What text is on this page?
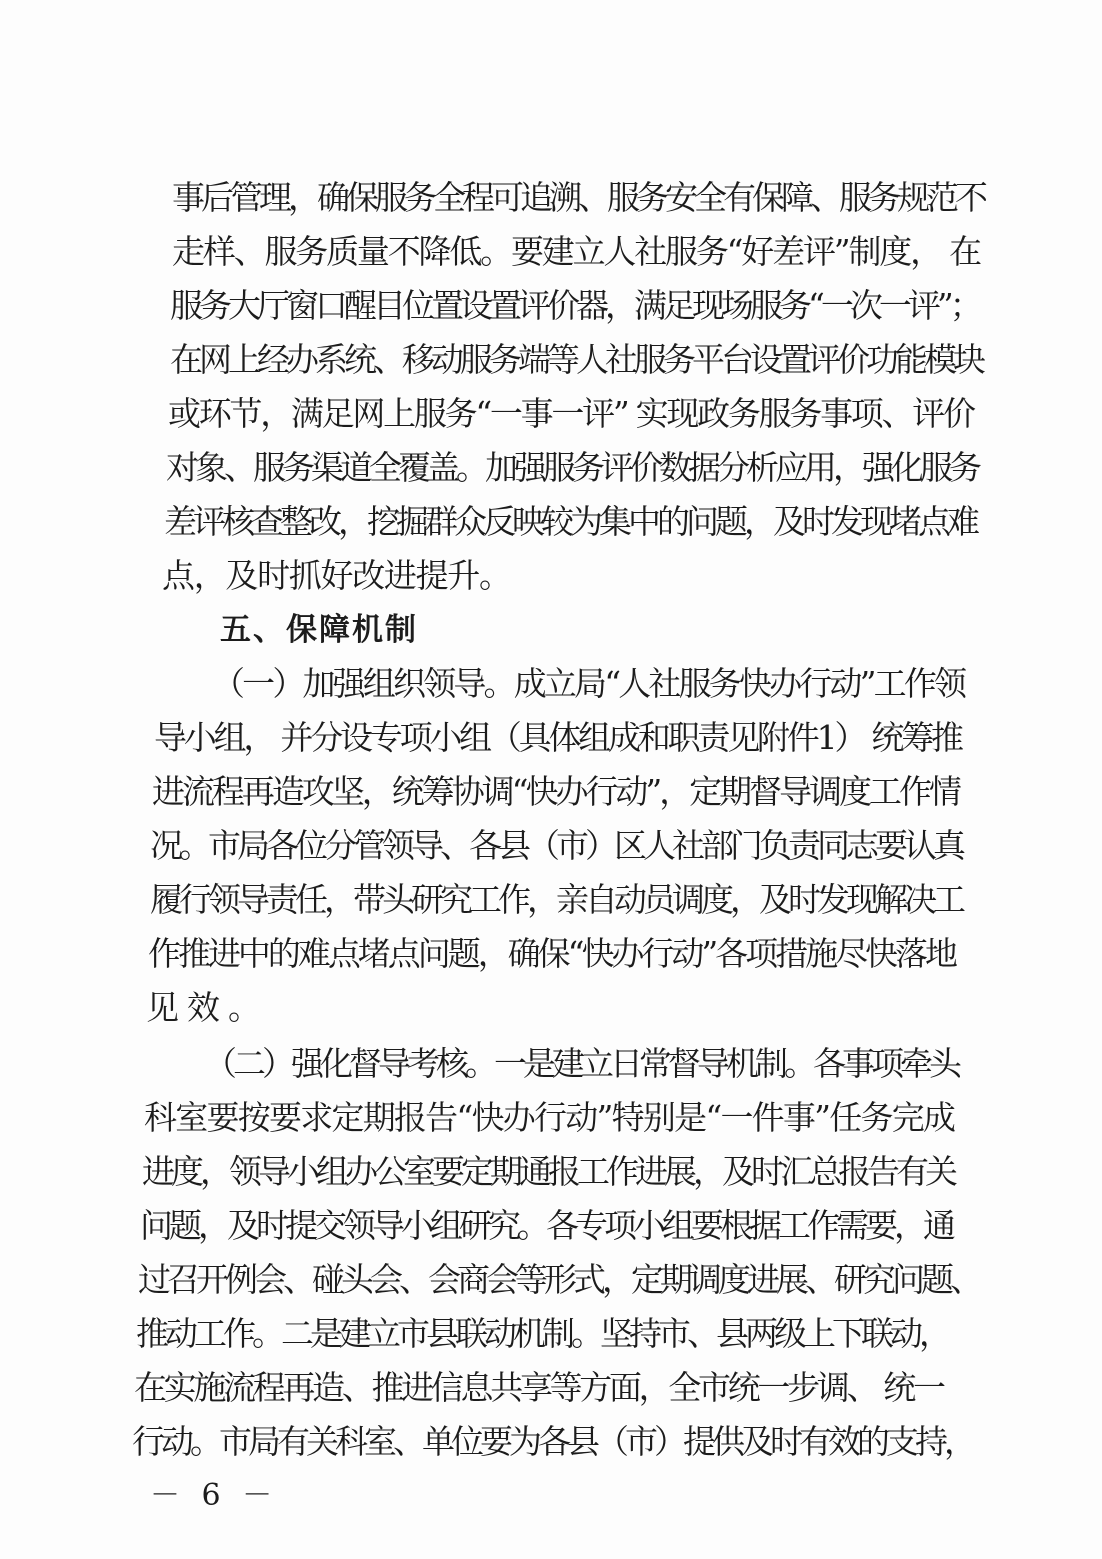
事后管理，确保服务全程可追溯、服务安全有保障、服务规范不
走样、服务质量不降低。要建立人社服务“好差评”制度， 在
服务大厅窗口醒目位置设置评价器，满足现场服务“一次一评”；
在网上经办系统、移动服务端等人社服务平台设置评价功能模块
或环节，满足网上服务“一事一评” 实现政务服务事项、评价
对象、服务渠道全覆盖。加强服务评价数据分析应用，强化服务
差评核查整改，挖掘群众反映较为集中的问题，及时发现堵点难
点，及时抓好改进提升。
五、保障机制
（一）加强组织领导。成立局“人社服务快办行动”工作领
导小组， 并分设专项小组（具体组成和职责见附件1） 统筹推
进流程再造攻坚，统筹协调“快办行动”，定期督导调度工作情
况。市局各位分管领导、各县（市）区人社部门负责同志要认真
履行领导责任，带头研究工作，亲自动员调度，及时发现解决工
作推进中的难点堵点问题，确保“快办行动”各项措施尽快落地
见效。
（二）强化督导考核。一是建立日常督导机制。各事项牵头
科室要按要求定期报告“快办行动”特别是“一件事”任务完成
进度，领导小组办公室要定期通报工作进展，及时汇总报告有关
问题，及时提交领导小组研究。各专项小组要根据工作需要，通
过召开例会、碰头会、会商会等形式，定期调度进展、研究问题、
推动工作。二是建立市县联动机制。坚持市、县两级上下联动，
在实施流程再造、推进信息共享等方面，全市统一步调、 统一
行动。市局有关科室、单位要为各县（市）提供及时有效的支持，
－ 6 －
